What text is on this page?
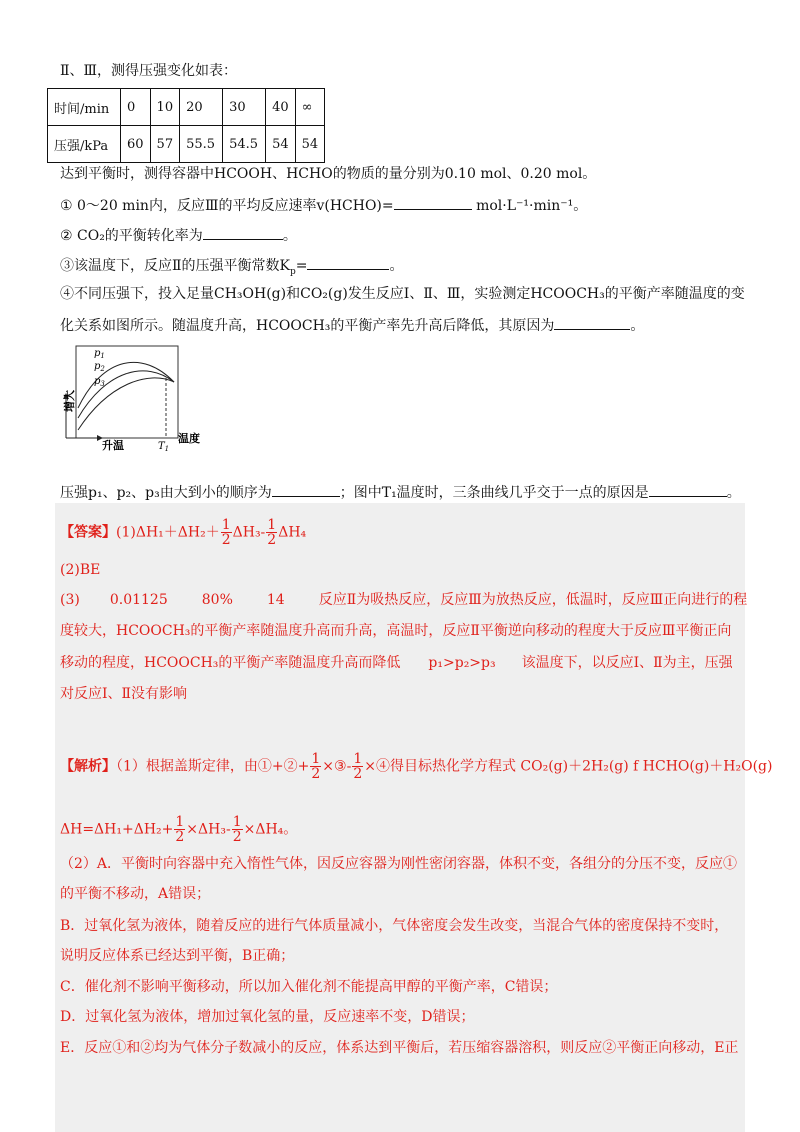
Ⅱ、Ⅲ，测得压强变化如表：
时间/min	0	10	20	30	40	∞
压强/kPa	60	57	55.5	54.5	54	54
达到平衡时，测得容器中HCOOH、HCHO的物质的量分别为0.10 mol、0.20 mol。
① 0～20 min内，反应Ⅲ的平均反应速率v(HCHO)=	mol·L⁻¹·min⁻¹。
② CO₂的平衡转化率为	。
③该温度下，反应Ⅱ的压强平衡常数$K_p=$	。
④不同压强下，投入足量CH₃OH(g)和CO₂(g)发生反应Ⅰ、Ⅱ、Ⅲ，实验测定HCOOCH₃的平衡产率随温度的变
化关系如图所示。随温度升高，HCOOCH₃的平衡产率先升高后降低，其原因为	。
$p_1$
$p_2$
$p_3$
增大
升温
温度
$T_1$
压强p₁、p₂、p₃由大到小的顺序为	；图中T₁温度时，三条曲线几乎交于一点的原因是	。
【答案】$(1)\Delta H_1+\Delta H_2+ \frac{1}{2} \Delta H_3- \frac{1}{2} \Delta H_4$
(2)BE
(3) 0.01125 80% 14 反应Ⅱ为吸热反应，反应Ⅲ为放热反应，低温时，反应Ⅲ正向进行的程
度较大，HCOOCH₃的平衡产率随温度升高而升高，高温时，反应Ⅱ平衡逆向移动的程度大于反应Ⅲ平衡正向
移动的程度，HCOOCH₃的平衡产率随温度升高而降低 p₁>p₂>p₃ 该温度下，以反应Ⅰ、Ⅱ为主，压强
对反应Ⅰ、Ⅱ没有影响
【解析】（1）根据盖斯定律，由①+②+ $\frac{1}{2}$ ×③- $\frac{1}{2}$ ×④得目标热化学方程式 CO₂(g)＋2H₂(g) f HCHO(g)＋H₂O(g)
$\Delta H=\Delta H_1+\Delta H_2+ \frac{1}{2} \times\Delta H_3- \frac{1}{2} \times\Delta H_4$。
（2）A．平衡时向容器中充入惰性气体，因反应容器为刚性密闭容器，体积不变，各组分的分压不变，反应①
的平衡不移动，A错误；
B．过氧化氢为液体，随着反应的进行气体质量减小，气体密度会发生改变，当混合气体的密度保持不变时，
说明反应体系已经达到平衡，B正确；
C．催化剂不影响平衡移动，所以加入催化剂不能提高甲醇的平衡产率，C错误；
D．过氧化氢为液体，增加过氧化氢的量，反应速率不变，D错误；
E．反应①和②均为气体分子数减小的反应，体系达到平衡后，若压缩容器溶积，则反应②平衡正向移动，E正
